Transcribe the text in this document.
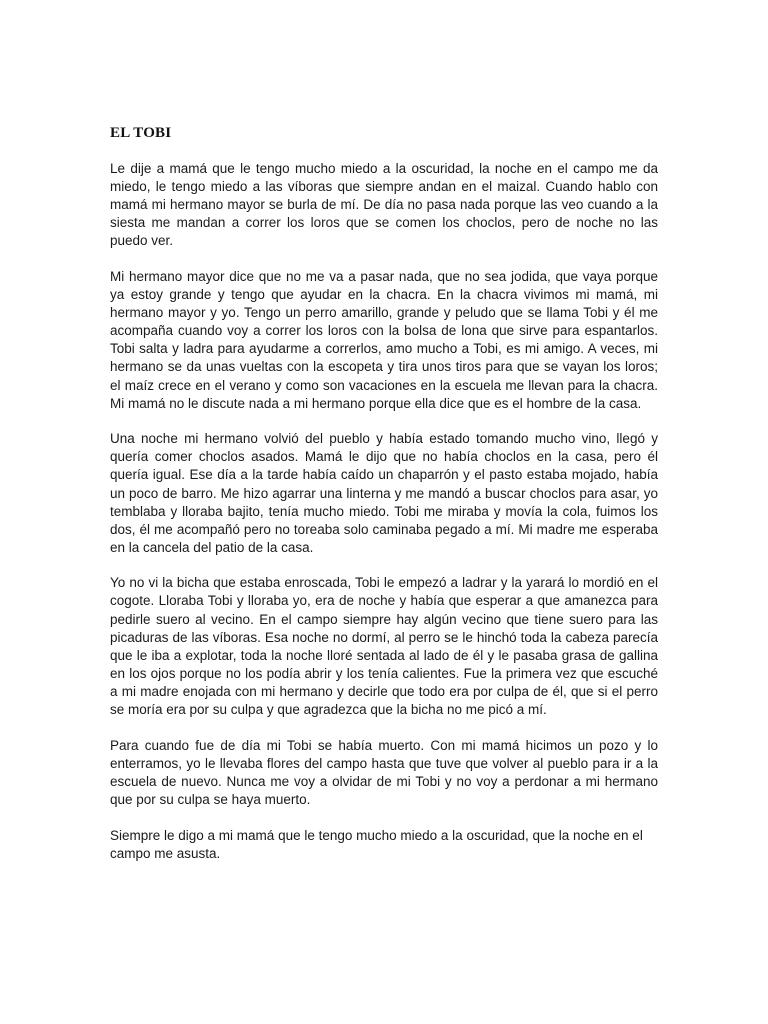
EL TOBI

Le dije a mamá que le tengo mucho miedo a la oscuridad, la noche en el campo me da miedo, le tengo miedo a las víboras que siempre andan en el maizal. Cuando hablo con mamá mi hermano mayor se burla de mí. De día no pasa nada porque las veo cuando a la siesta me mandan a correr los loros que se comen los choclos, pero de noche no las puedo ver.

Mi hermano mayor dice que no me va a pasar nada, que no sea jodida, que vaya porque ya estoy grande y tengo que ayudar en la chacra. En la chacra vivimos mi mamá, mi hermano mayor y yo. Tengo un perro amarillo, grande y peludo que se llama Tobi y él me acompaña cuando voy a correr los loros con la bolsa de lona que sirve para espantarlos. Tobi salta y ladra para ayudarme a correrlos, amo mucho a Tobi, es mi amigo. A veces, mi hermano se da unas vueltas con la escopeta y tira unos tiros para que se vayan los loros; el maíz crece en el verano y como son vacaciones en la escuela me llevan para la chacra. Mi mamá no le discute nada a mi hermano porque ella dice que es el hombre de la casa.

Una noche mi hermano volvió del pueblo y había estado tomando mucho vino, llegó y quería comer choclos asados. Mamá le dijo que no había choclos en la casa, pero él quería igual. Ese día a la tarde había caído un chaparrón y el pasto estaba mojado, había un poco de barro. Me hizo agarrar una linterna y me mandó a buscar choclos para asar, yo temblaba y lloraba bajito, tenía mucho miedo. Tobi me miraba y movía la cola, fuimos los dos, él me acompañó pero no toreaba solo caminaba pegado a mí. Mi madre me esperaba en la cancela del patio de la casa.

Yo no vi la bicha que estaba enroscada, Tobi le empezó a ladrar y la yarará lo mordió en el cogote. Lloraba Tobi y lloraba yo, era de noche y había que esperar a que amanezca para pedirle suero al vecino. En el campo siempre hay algún vecino que tiene suero para las picaduras de las víboras. Esa noche no dormí, al perro se le hinchó toda la cabeza parecía que le iba a explotar, toda la noche lloré sentada al lado de él y le pasaba grasa de gallina en los ojos porque no los podía abrir y los tenía calientes. Fue la primera vez que escuché a mi madre enojada con mi hermano y decirle que todo era por culpa de él, que si el perro se moría era por su culpa y que agradezca que la bicha no me picó a mí.

Para cuando fue de día mi Tobi se había muerto. Con mi mamá hicimos un pozo y lo enterramos, yo le llevaba flores del campo hasta que tuve que volver al pueblo para ir a la escuela de nuevo. Nunca me voy a olvidar de mi Tobi y no voy a perdonar a mi hermano que por su culpa se haya muerto.

Siempre le digo a mi mamá que le tengo mucho miedo a la oscuridad, que la noche en el campo me asusta.
